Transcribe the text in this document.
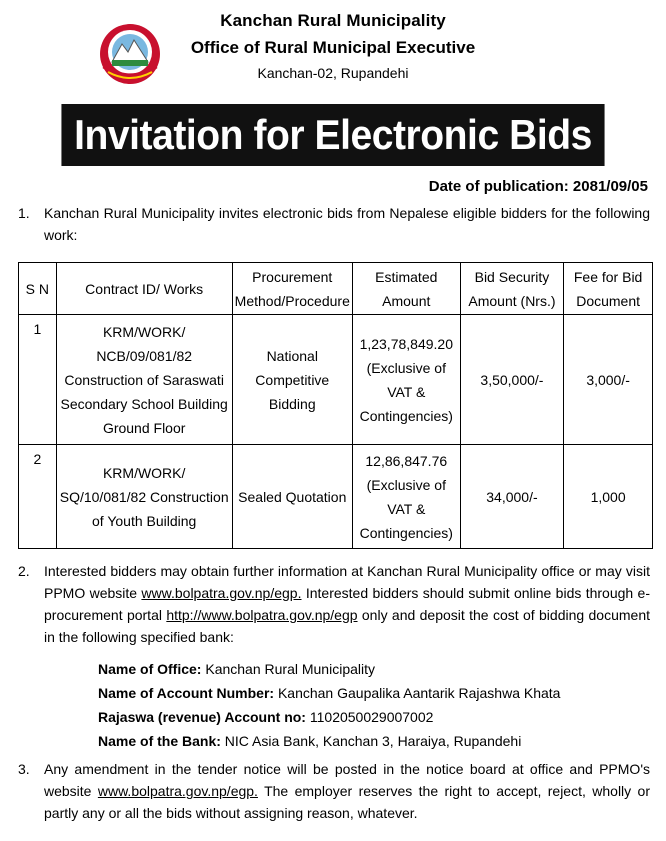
Kanchan Rural Municipality
Office of Rural Municipal Executive
Kanchan-02, Rupandehi
Invitation for Electronic Bids
Date of publication: 2081/09/05
1. Kanchan Rural Municipality invites electronic bids from Nepalese eligible bidders for the following work:
S N	Contract ID/ Works	Procurement Method/Procedure	Estimated Amount	Bid Security Amount (Nrs.)	Fee for Bid Document
1	KRM/WORK/ NCB/09/081/82 Construction of Saraswati Secondary School Building Ground Floor	National Competitive Bidding	1,23,78,849.20 (Exclusive of VAT & Contingencies)	3,50,000/-	3,000/-
2	KRM/WORK/ SQ/10/081/82 Construction of Youth Building	Sealed Quotation	12,86,847.76 (Exclusive of VAT & Contingencies)	34,000/-	1,000
2. Interested bidders may obtain further information at Kanchan Rural Municipality office or may visit PPMO website www.bolpatra.gov.np/egp. Interested bidders should submit online bids through e-procurement portal http://www.bolpatra.gov.np/egp only and deposit the cost of bidding document in the following specified bank:
Name of Office: Kanchan Rural Municipality
Name of Account Number: Kanchan Gaupalika Aantarik Rajashwa Khata
Rajaswa (revenue) Account no: 1102050029007002
Name of the Bank: NIC Asia Bank, Kanchan 3, Haraiya, Rupandehi
3. Any amendment in the tender notice will be posted in the notice board at office and PPMO's website www.bolpatra.gov.np/egp. The employer reserves the right to accept, reject, wholly or partly any or all the bids without assigning reason, whatever.
